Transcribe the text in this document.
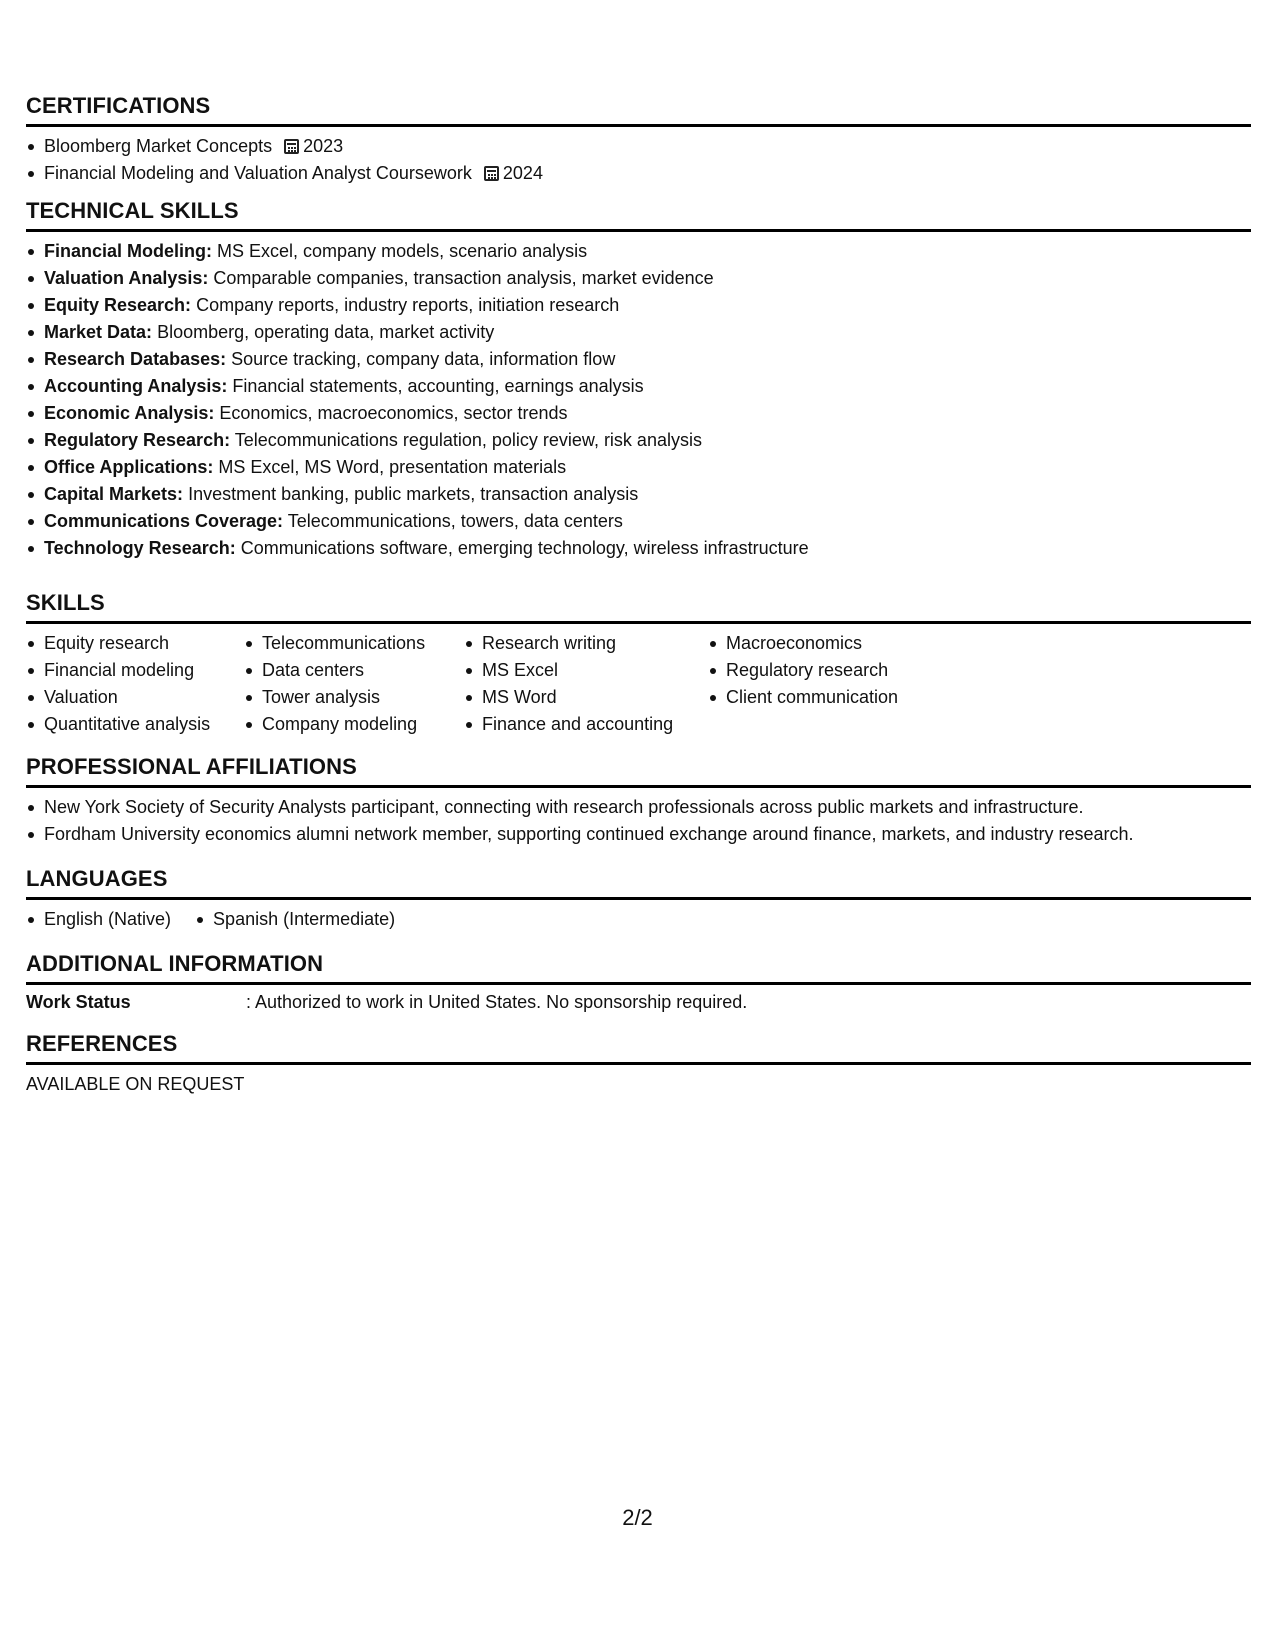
CERTIFICATIONS
Bloomberg Market Concepts 2023
Financial Modeling and Valuation Analyst Coursework 2024
TECHNICAL SKILLS
Financial Modeling: MS Excel, company models, scenario analysis
Valuation Analysis: Comparable companies, transaction analysis, market evidence
Equity Research: Company reports, industry reports, initiation research
Market Data: Bloomberg, operating data, market activity
Research Databases: Source tracking, company data, information flow
Accounting Analysis: Financial statements, accounting, earnings analysis
Economic Analysis: Economics, macroeconomics, sector trends
Regulatory Research: Telecommunications regulation, policy review, risk analysis
Office Applications: MS Excel, MS Word, presentation materials
Capital Markets: Investment banking, public markets, transaction analysis
Communications Coverage: Telecommunications, towers, data centers
Technology Research: Communications software, emerging technology, wireless infrastructure
SKILLS
Equity research
Financial modeling
Valuation
Quantitative analysis
Telecommunications
Data centers
Tower analysis
Company modeling
Research writing
MS Excel
MS Word
Finance and accounting
Macroeconomics
Regulatory research
Client communication
PROFESSIONAL AFFILIATIONS
New York Society of Security Analysts participant, connecting with research professionals across public markets and infrastructure.
Fordham University economics alumni network member, supporting continued exchange around finance, markets, and industry research.
LANGUAGES
English (Native)	Spanish (Intermediate)
ADDITIONAL INFORMATION
Work Status	: Authorized to work in United States. No sponsorship required.
REFERENCES
AVAILABLE ON REQUEST
2/2
